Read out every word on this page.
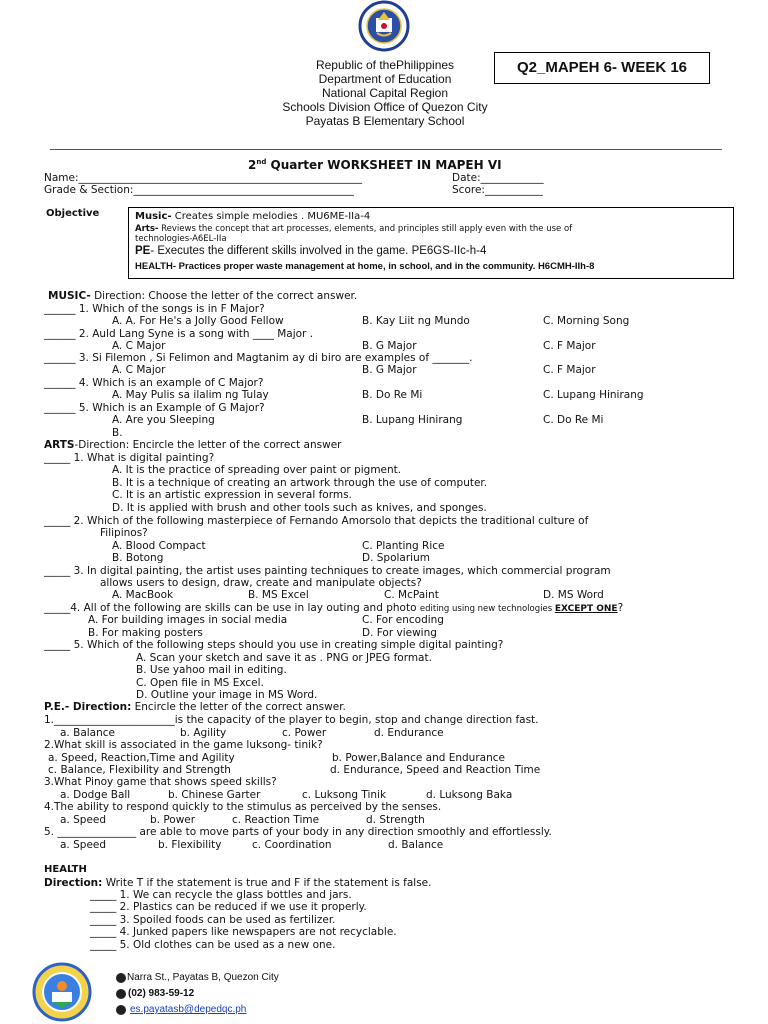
Republic of thePhilippines
Department of Education
National Capital Region
Schools Division Office of Quezon City
Payatas B Elementary School
Q2_MAPEH 6- WEEK 16
2nd Quarter WORKSHEET IN MAPEH VI
Name:______________________________________________________	Date:____________
Grade & Section:__________________________________________	Score:___________
Objective	Music- Creates simple melodies . MU6ME-IIa-4
Arts- Reviews the concept that art processes, elements, and principles still apply even with the use of
technologies-A6EL-IIa
PE- Executes the different skills involved in the game. PE6GS-IIc-h-4
HEALTH- Practices proper waste management at home, in school, and in the community. H6CMH-IIh-8
MUSIC- Direction: Choose the letter of the correct answer.
______ 1. Which of the songs is in F Major?
A. A. For He's a Jolly Good Fellow	B. Kay Liit ng Mundo	C. Morning Song
______ 2. Auld Lang Syne is a song with ____ Major .
A. C Major	B. G Major	C. F Major
______ 3. Si Filemon , Si Felimon and Magtanim ay di biro are examples of _______.
A. C Major	B. G Major	C. F Major
______ 4. Which is an example of C Major?
A. May Pulis sa ilalim ng Tulay	B. Do Re Mi	C. Lupang Hinirang
______ 5. Which is an Example of G Major?
A. Are you Sleeping	B. Lupang Hinirang	C. Do Re Mi
B.
ARTS-Direction: Encircle the letter of the correct answer
_____ 1. What is digital painting?
A. It is the practice of spreading over paint or pigment.
B. It is a technique of creating an artwork through the use of computer.
C. It is an artistic expression in several forms.
D. It is applied with brush and other tools such as knives, and sponges.
_____ 2. Which of the following masterpiece of Fernando Amorsolo that depicts the traditional culture of
Filipinos?
A. Blood Compact	C. Planting Rice
B. Botong	D. Spolarium
_____ 3. In digital painting, the artist uses painting techniques to create images, which commercial program
allows users to design, draw, create and manipulate objects?
A. MacBook	B. MS Excel	C. McPaint	D. MS Word
_____4. All of the following are skills can be use in lay outing and photo editing using new technologies EXCEPT ONE?
A. For building images in social media	C. For encoding
B. For making posters	D. For viewing
_____ 5. Which of the following steps should you use in creating simple digital painting?
A. Scan your sketch and save it as . PNG or JPEG format.
B. Use yahoo mail in editing.
C. Open file in MS Excel.
D. Outline your image in MS Word.
P.E.- Direction: Encircle the letter of the correct answer.
1._______________________is the capacity of the player to begin, stop and change direction fast.
a. Balance	b. Agility	c. Power	d. Endurance
2.What skill is associated in the game luksong- tinik?
a. Speed, Reaction,Time and Agility	b. Power,Balance and Endurance
c. Balance, Flexibility and Strength	d. Endurance, Speed and Reaction Time
3.What Pinoy game that shows speed skills?
a. Dodge Ball	b. Chinese Garter	c. Luksong Tinik	d. Luksong Baka
4.The ability to respond quickly to the stimulus as perceived by the senses.
a. Speed	b. Power	c. Reaction Time	d. Strength
5. _______________ are able to move parts of your body in any direction smoothly and effortlessly.
a. Speed	b. Flexibility	c. Coordination	d. Balance
HEALTH
Direction: Write T if the statement is true and F if the statement is false.
_____ 1. We can recycle the glass bottles and jars.
_____ 2. Plastics can be reduced if we use it properly.
_____ 3. Spoiled foods can be used as fertilizer.
_____ 4. Junked papers like newspapers are not recyclable.
_____ 5. Old clothes can be used as a new one.
Narra St., Payatas B, Quezon City
(02) 983-59-12
es.payatasb@depedqc.ph
